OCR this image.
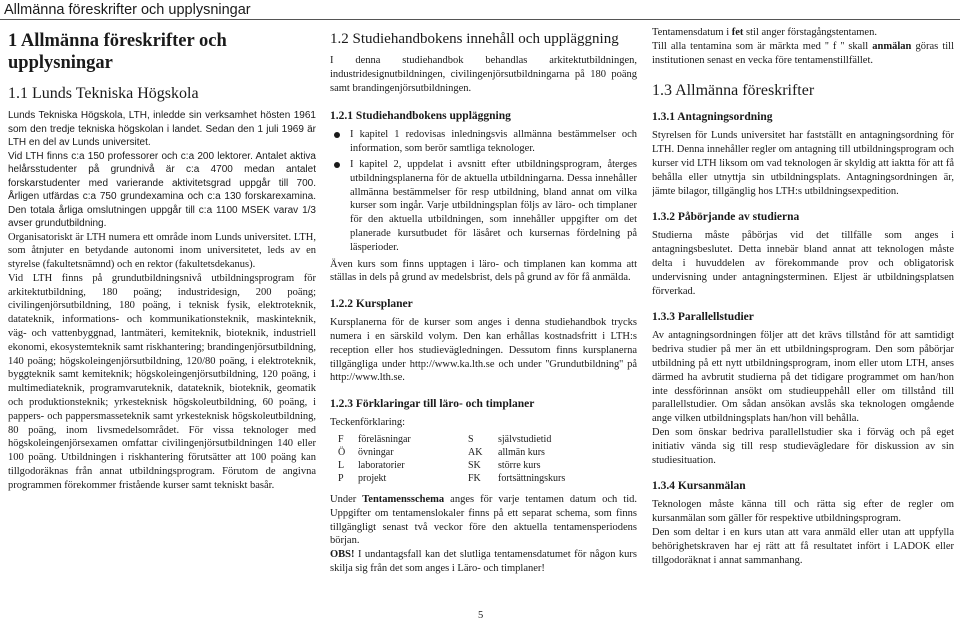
Allmänna föreskrifter och upplysningar
1 Allmänna föreskrifter och upplysningar
1.1 Lunds Tekniska Högskola

Lunds Tekniska Högskola, LTH, inledde sin verksamhet hösten 1961 som den tredje tekniska högskolan i landet. Sedan den 1 juli 1969 är LTH en del av Lunds universitet.

Vid LTH finns c:a 150 professorer och c:a 200 lektorer. Antalet aktiva helårsstudenter på grundnivå är c:a 4700 medan antalet forskarstudenter med varierande aktivitetsgrad uppgår till 700. Årligen utfärdas c:a 750 grundexamina och c:a 130 forskarexamina. Den totala årliga omslutningen uppgår till c:a 1100 MSEK varav 1/3 avser grundutbildning.

Organisatoriskt är LTH numera ett område inom Lunds universitet. LTH, som åtnjuter en betydande autonomi inom universitetet, leds av en styrelse (fakultetsnämnd) och en rektor (fakultetsdekanus).

Vid LTH finns på grundutbildningsnivå utbildningsprogram för arkitektutbildning, 180 poäng; industridesign, 200 poäng; civilingenjörsutbildning, 180 poäng, i teknisk fysik, elektroteknik, datateknik, informations- och kommunikationsteknik, maskinteknik, väg- och vattenbyggnad, lantmäteri, kemiteknik, bioteknik, industriell ekonomi, ekosystemteknik samt riskhantering; brandingenjörsutbildning, 140 poäng; högskoleingenjörsutbildning, 120/80 poäng, i elektroteknik, byggteknik samt kemiteknik; högskoleingenjörsutbildning, 120 poäng, i multimediateknik, programvaruteknik, datateknik, bioteknik, geomatik och produktionsteknik; yrkesteknisk högskoleutbildning, 60 poäng, i pappers- och pappersmasseteknik samt yrkesteknisk högskoleutbildning, 80 poäng, inom livsmedelsområdet. För vissa teknologer med högskoleingenjörsexamen omfattar civilingenjörsutbildningen 140 eller 100 poäng. Utbildningen i riskhantering förutsätter att 100 poäng kan tillgodoräknas från annat utbildningsprogram. Förutom de angivna programmen förekommer fristående kurser samt tekniskt basår.

1.2 Studiehandbokens innehåll och uppläggning

I denna studiehandbok behandlas arkitektutbildningen, industridesignutbildningen, civilingenjörsutbildningarna på 180 poäng samt brandingenjörsutbildningen.

1.2.1 Studiehandbokens uppläggning
I kapitel 1 redovisas inledningsvis allmänna bestämmelser och information, som berör samtliga teknologer.
I kapitel 2, uppdelat i avsnitt efter utbildningsprogram, återges utbildningsplanerna för de aktuella utbildningarna. Dessa innehåller allmänna bestämmelser för resp utbildning, bland annat om vilka kurser som ingår. Varje utbildningsplan följs av läro- och timplaner för den aktuella utbildningen, som innehåller uppgifter om det planerade kursutbudet för läsåret och kursernas fördelning på läsperioder.

Även kurs som finns upptagen i läro- och timplanen kan komma att ställas in dels på grund av medelsbrist, dels på grund av för få anmälda.

1.2.2 Kursplaner

Kursplanerna för de kurser som anges i denna studiehandbok trycks numera i en särskild volym. Den kan erhållas kostnadsfritt i LTH:s reception eller hos studievägledningen. Dessutom finns kursplanerna tillgängliga under http://www.ka.lth.se och under ''Grundutbildning'' på http://www.lth.se.

1.2.3 Förklaringar till läro- och timplaner

Teckenförklaring:

F	föreläsningar	S	självstudietid
Ö	övningar	AK	allmän kurs
L	laboratorier	SK	större kurs
P	projekt	FK	fortsättningskurs

Under Tentamensschema anges för varje tentamen datum och tid. Uppgifter om tentamenslokaler finns på ett separat schema, som finns tillgängligt senast två veckor före den aktuella tentamensperiodens början.

OBS! I undantagsfall kan det slutliga tentamensdatumet för någon kurs skilja sig från det som anges i Läro- och timplaner!

Tentamensdatum i fet stil anger förstagångstentamen.

Till alla tentamina som är märkta med '' f '' skall anmälan göras till institutionen senast en vecka före tentamenstillfället.

1.3 Allmänna föreskrifter
1.3.1 Antagningsordning

Styrelsen för Lunds universitet har fastställt en antagningsordning för LTH. Denna innehåller regler om antagning till utbildningsprogram och kurser vid LTH liksom om vad teknologen är skyldig att iaktta för att få behålla eller utnyttja sin utbildningsplats. Antagningsordningen är, jämte bilagor, tillgänglig hos LTH:s utbildningsexpedition.

1.3.2 Påbörjande av studierna

Studierna måste påbörjas vid det tillfälle som anges i antagningsbeslutet. Detta innebär bland annat att teknologen måste delta i huvuddelen av förekommande prov och obligatorisk undervisning under antagningsterminen. Eljest är utbildningsplatsen förverkad.

1.3.3 Parallellstudier

Av antagningsordningen följer att det krävs tillstånd för att samtidigt bedriva studier på mer än ett utbildningsprogram. Den som påbörjar utbildning på ett nytt utbildningsprogram, inom eller utom LTH, anses därmed ha avbrutit studierna på det tidigare programmet om han/hon inte dessförinnan ansökt om studieuppehåll eller om tillstånd till parallellstudier. Om sådan ansökan avslås ska teknologen omgående ange vilken utbildningsplats han/hon vill behålla.

Den som önskar bedriva parallellstudier ska i förväg och på eget initiativ vända sig till resp studievägledare för diskussion av sin studiesituation.

1.3.4 Kursanmälan

Teknologen måste känna till och rätta sig efter de regler om kursanmälan som gäller för respektive utbildningsprogram.

Den som deltar i en kurs utan att vara anmäld eller utan att uppfylla behörighetskraven har ej rätt att få resultatet infört i LADOK eller tillgodoräknat i annat sammanhang.

5
